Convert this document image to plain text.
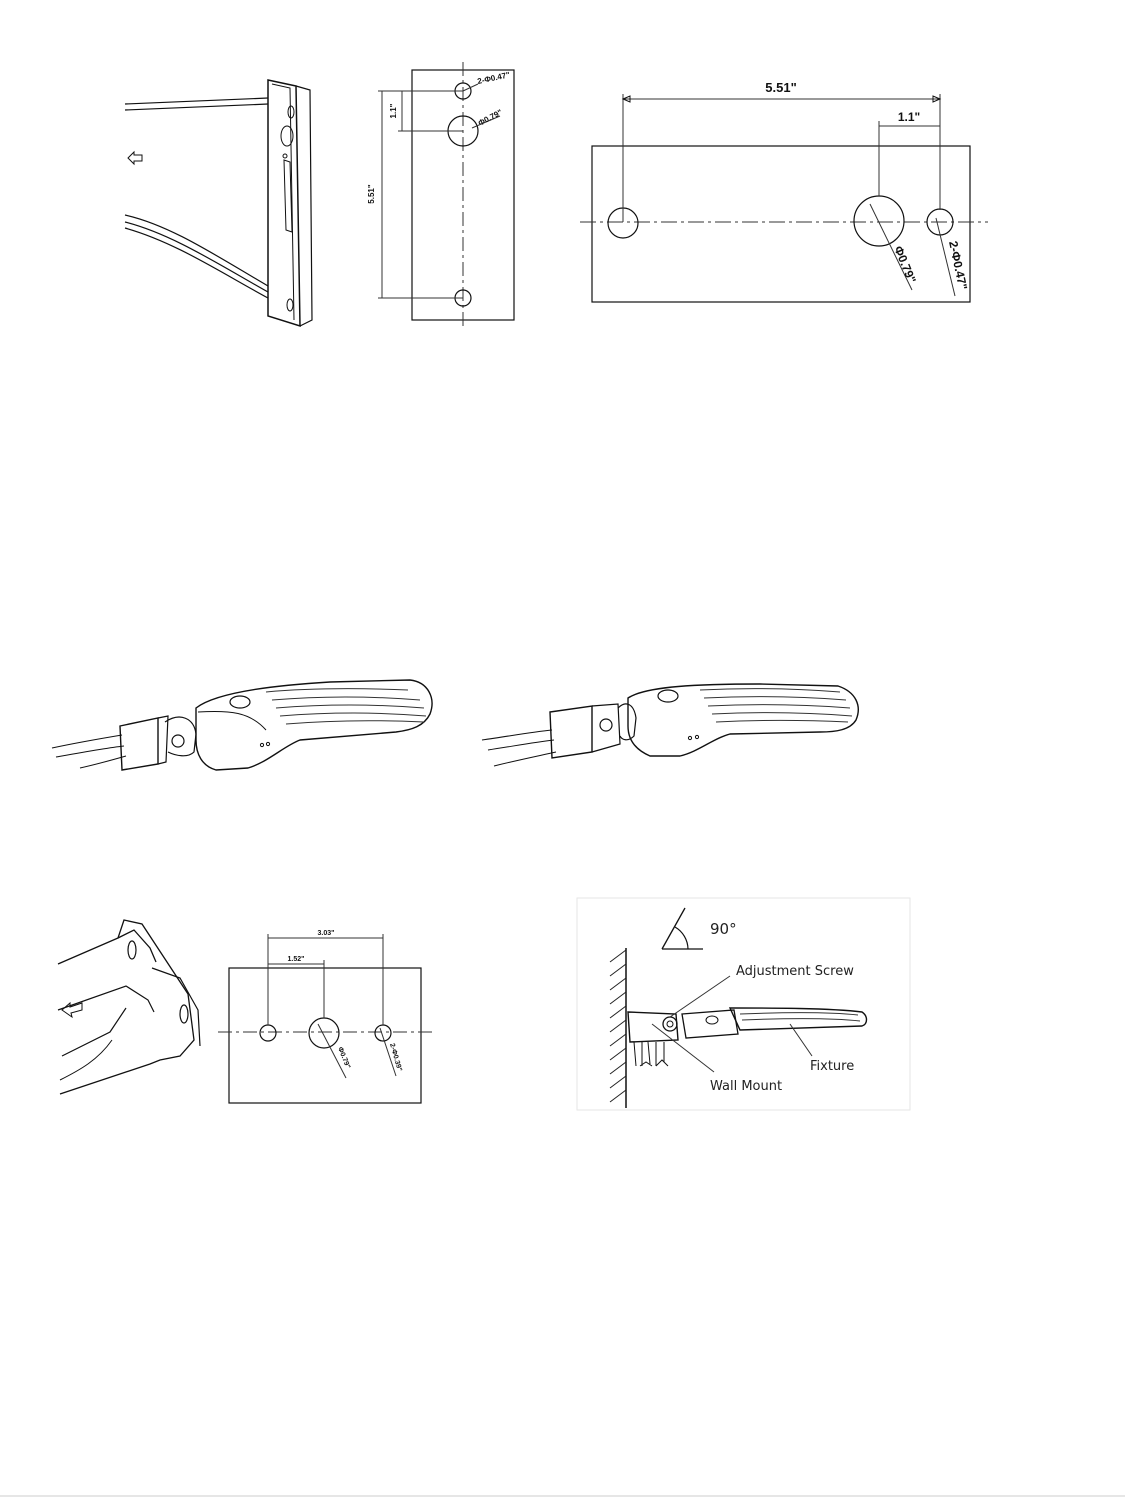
5.51"
1.1"
2-Φ0.47"
Φ0.79"
5.51"
1.1"
Φ0.79" 2-Φ0.47"
3.03"
1.52"
Φ0.79"	2-Φ0.39"
90°
Adjustment Screw
Fixture
Wall Mount
